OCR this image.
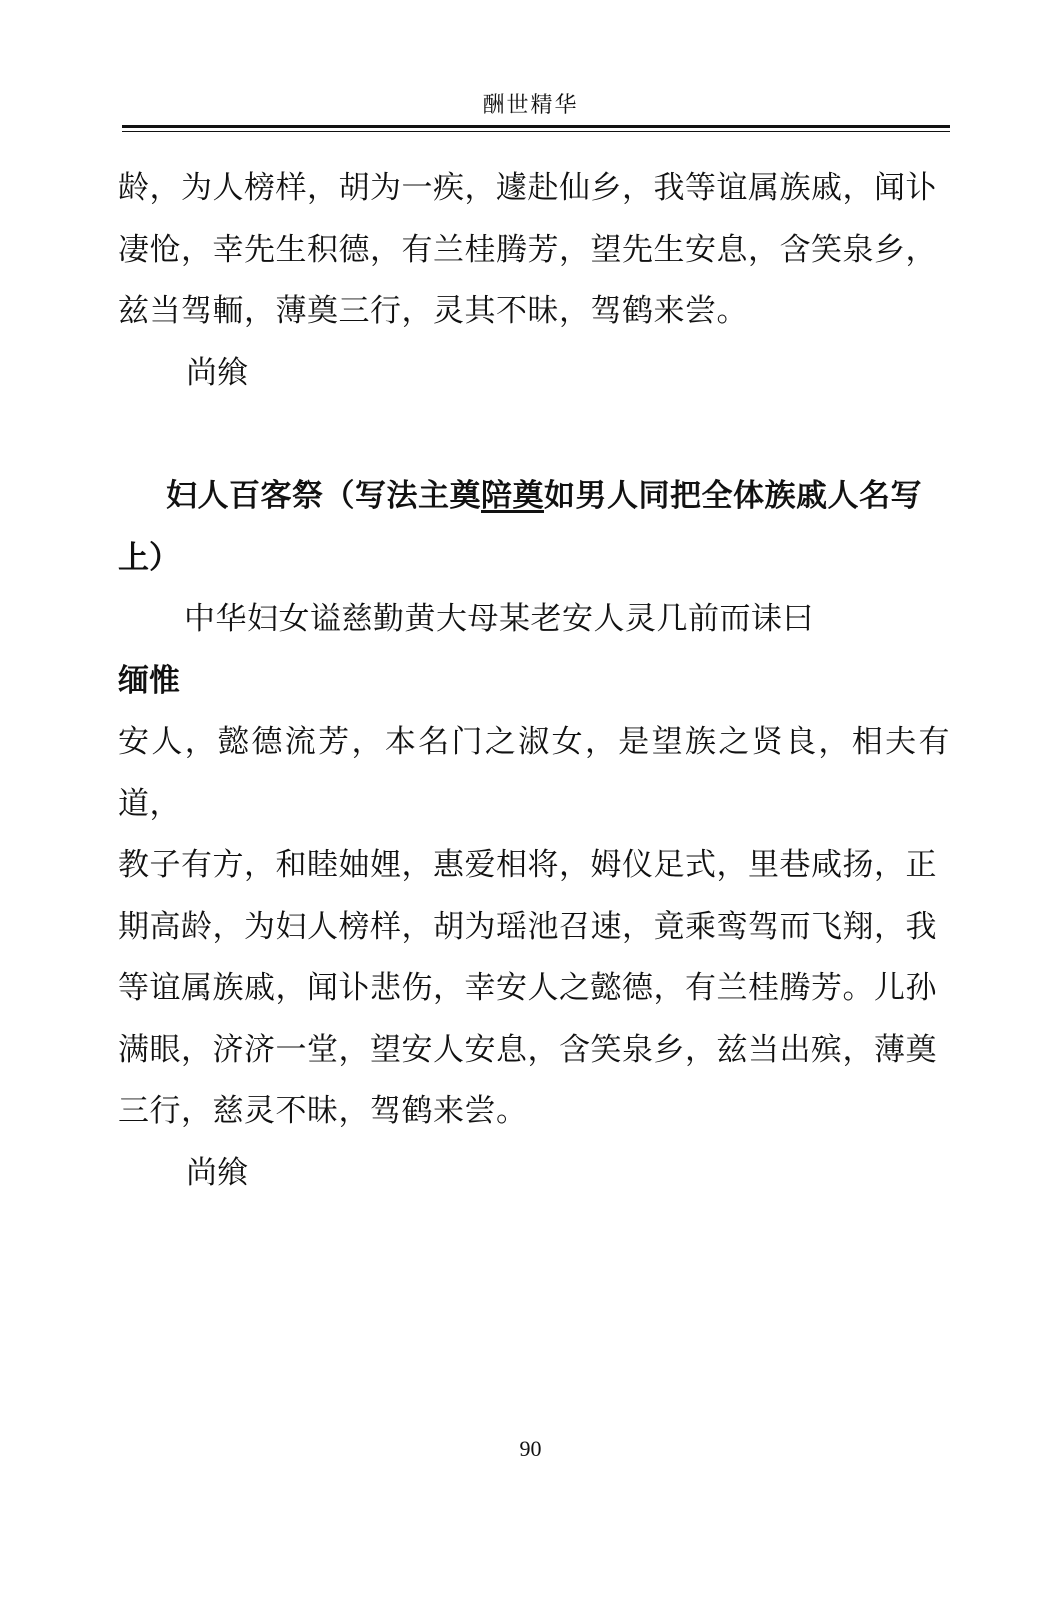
酬世精华

龄，为人榜样，胡为一疾，遽赴仙乡，我等谊属族戚，闻讣

凄怆，幸先生积德，有兰桂腾芳，望先生安息，含笑泉乡，

兹当驾輀，薄奠三行，灵其不昧，驾鹤来尝。

尚飨

妇人百客祭（写法主奠陪奠如男人同把全体族戚人名写

上）

中华妇女谥慈勤黄大母某老安人灵几前而诔曰

缅惟

安人，懿德流芳，本名门之淑女，是望族之贤良，相夫有道，

教子有方，和睦妯娌，惠爱相将，姆仪足式，里巷咸扬，正

期高龄，为妇人榜样，胡为瑶池召速，竟乘鸾驾而飞翔，我

等谊属族戚，闻讣悲伤，幸安人之懿德，有兰桂腾芳。儿孙

满眼，济济一堂，望安人安息，含笑泉乡，兹当出殡，薄奠

三行，慈灵不昧，驾鹤来尝。

尚飨

90
